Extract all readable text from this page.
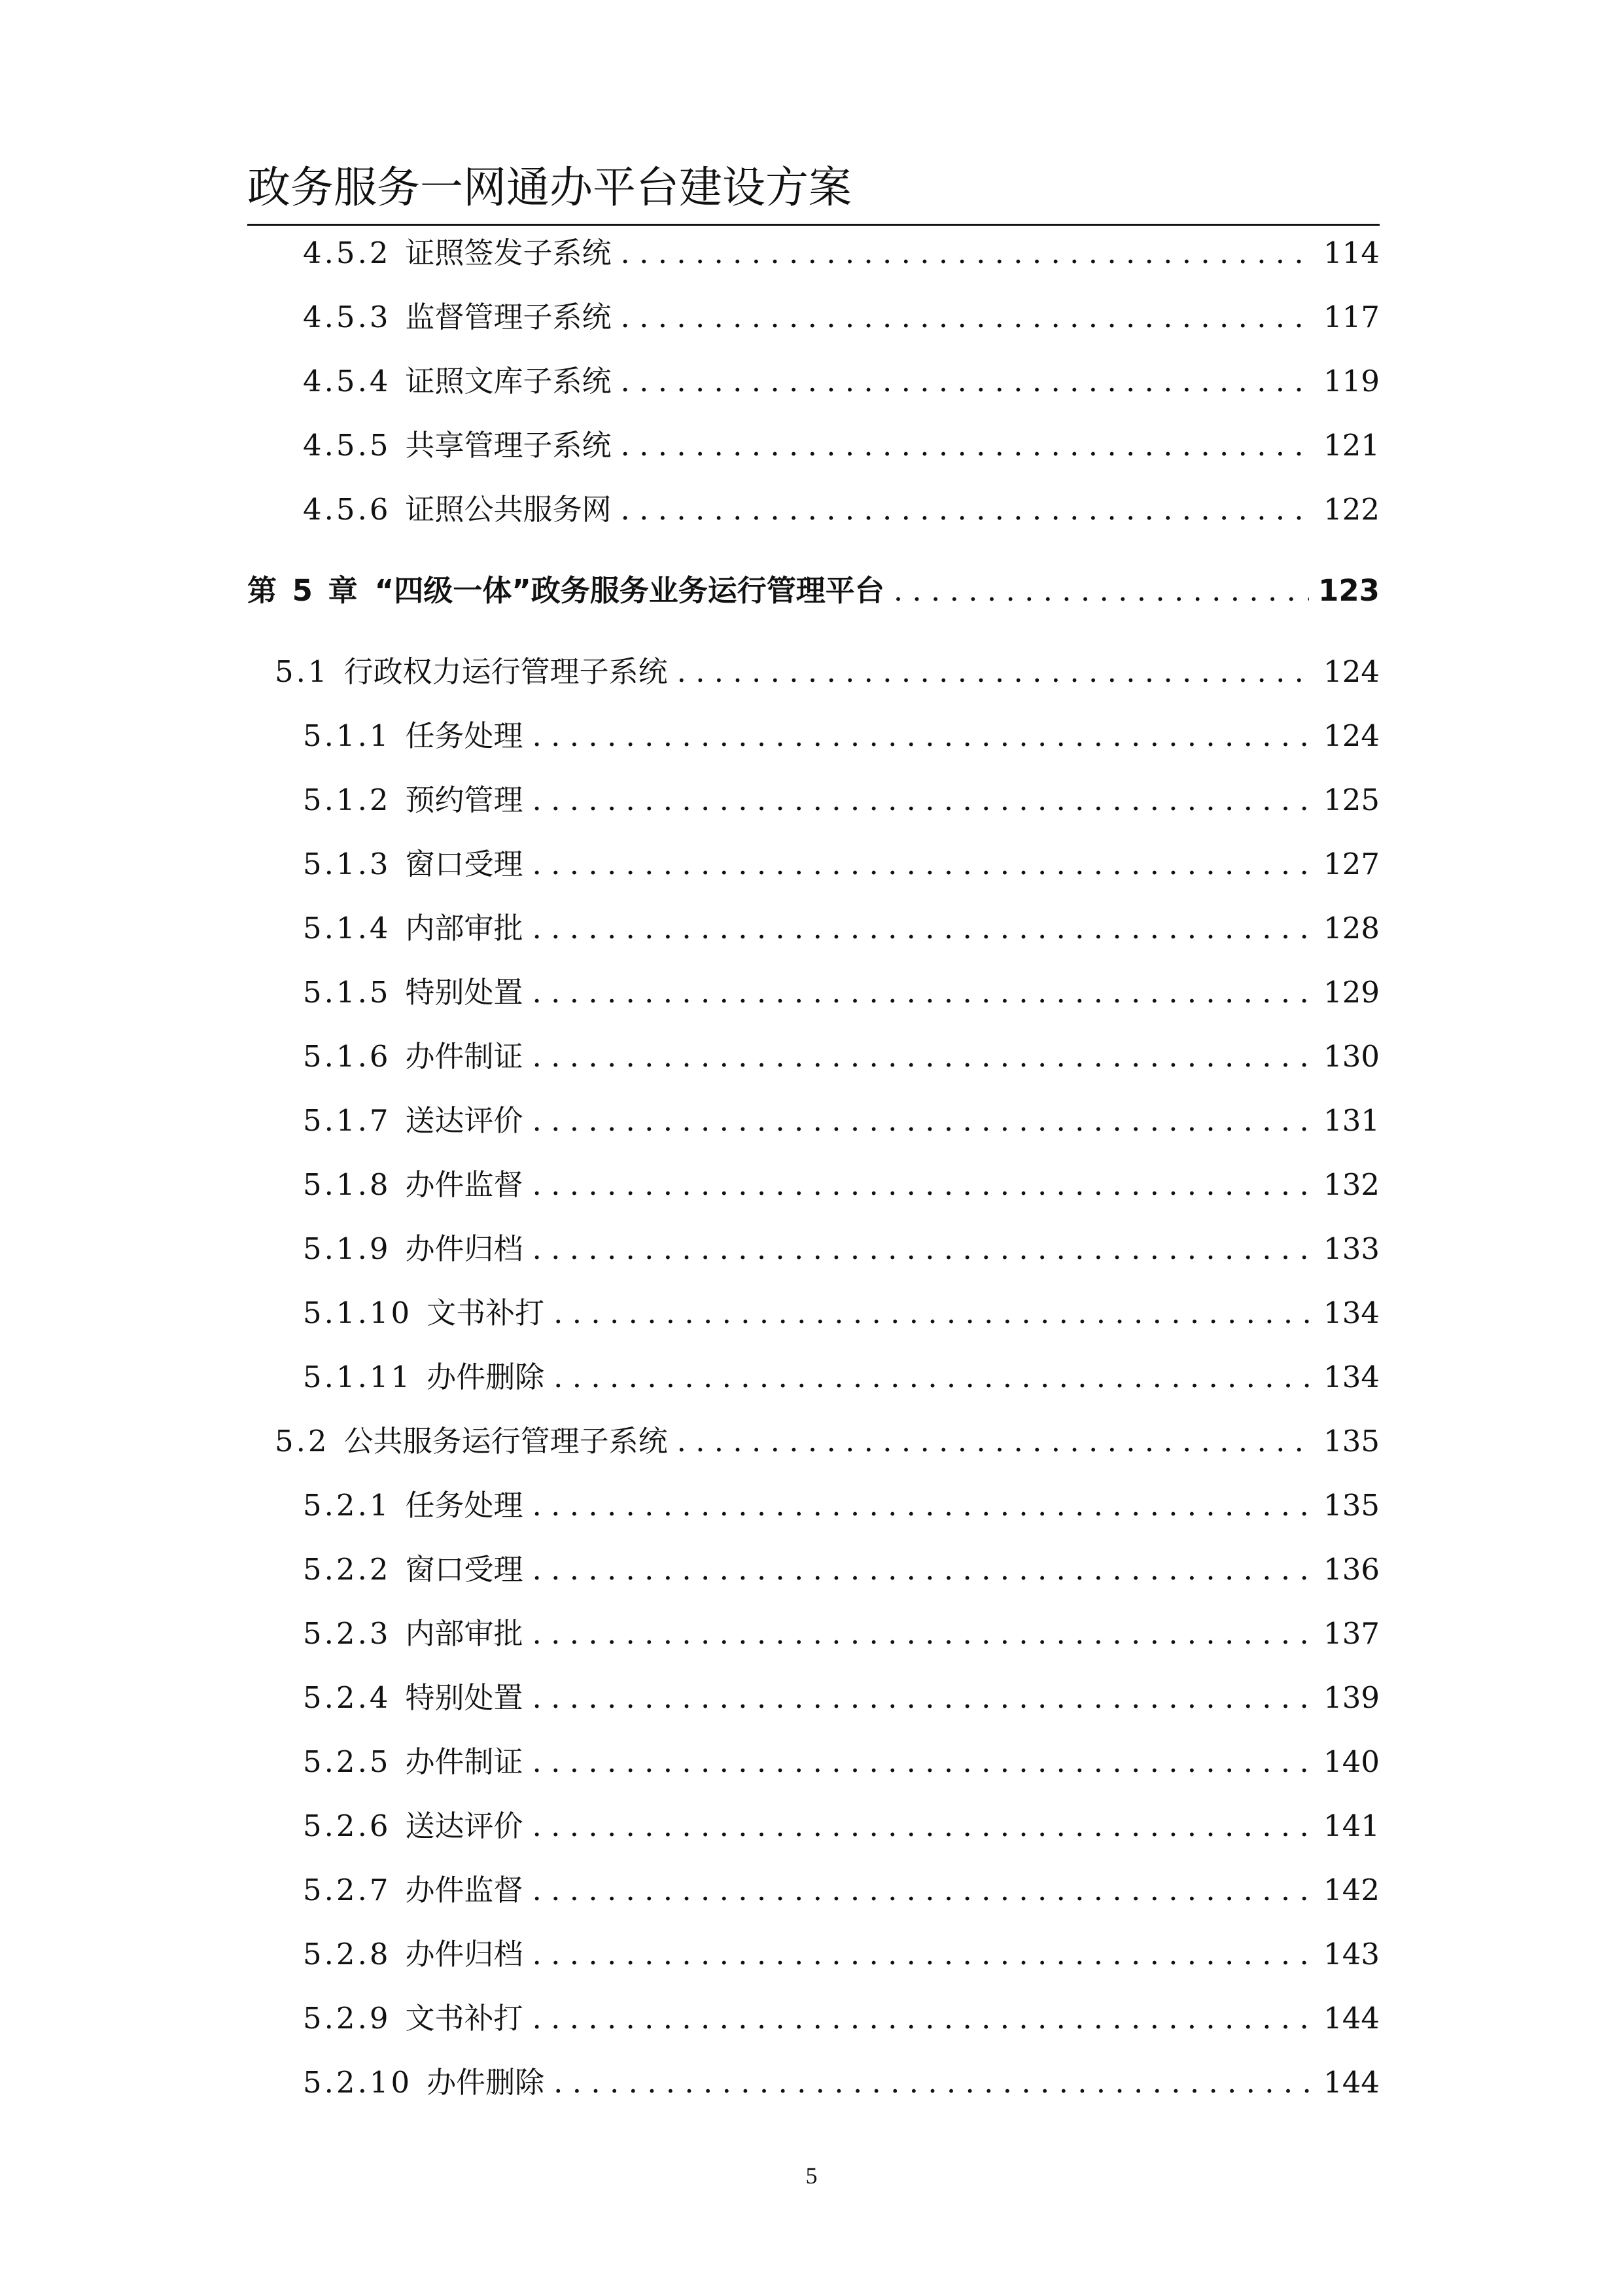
政务服务一网通办平台建设方案
4.5.2 证照签发子系统 . . .	114
4.5.3 监督管理子系统 . . .	117
4.5.4 证照文库子系统 . . .	119
4.5.5 共享管理子系统 . . .	121
4.5.6 证照公共服务网 . . .	122
第 5 章 “四级一体”政务服务业务运行管理平台 . . .	123
5.1 行政权力运行管理子系统 . . .	124
5.1.1 任务处理 . . .	124
5.1.2 预约管理 . . .	125
5.1.3 窗口受理 . . .	127
5.1.4 内部审批 . . .	128
5.1.5 特别处置 . . .	129
5.1.6 办件制证 . . .	130
5.1.7 送达评价 . . .	131
5.1.8 办件监督 . . .	132
5.1.9 办件归档 . . .	133
5.1.10 文书补打 . . .	134
5.1.11 办件删除 . . .	134
5.2 公共服务运行管理子系统 . . .	135
5.2.1 任务处理 . . .	135
5.2.2 窗口受理 . . .	136
5.2.3 内部审批 . . .	137
5.2.4 特别处置 . . .	139
5.2.5 办件制证 . . .	140
5.2.6 送达评价 . . .	141
5.2.7 办件监督 . . .	142
5.2.8 办件归档 . . .	143
5.2.9 文书补打 . . .	144
5.2.10 办件删除 . . .	144
5
